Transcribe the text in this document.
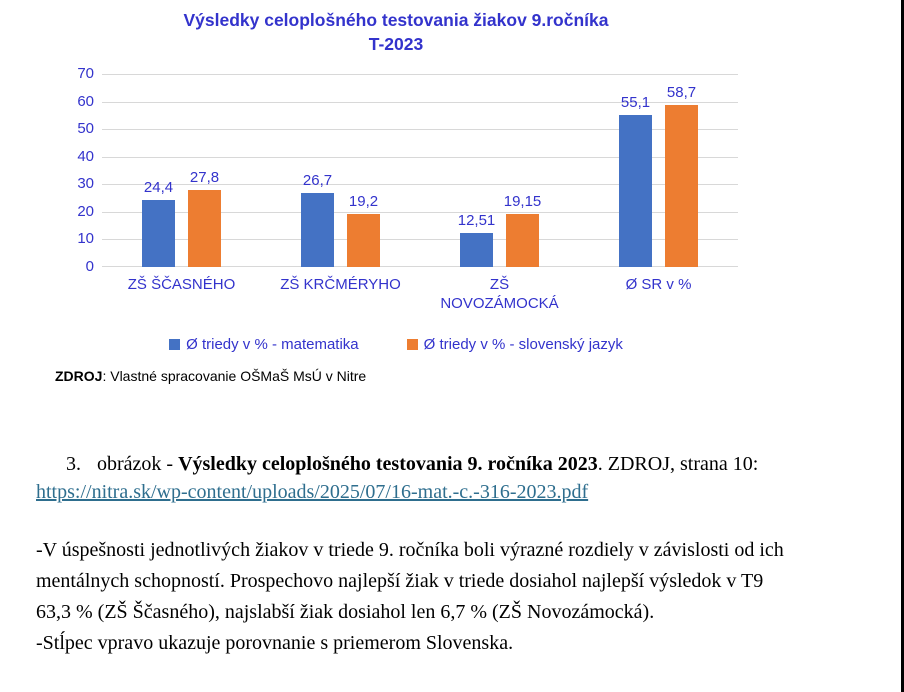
Výsledky celoplošného testovania žiakov 9.ročníka
T-2023
24,4
27,8
ZŠ ŠČASNÉHO
26,7
19,2
ZŠ KRČMÉRYHO
12,51
19,15
ZŠ NOVOZÁMOCKÁ
55,1
58,7
Ø SR v %
Ø triedy v % - matematika	Ø triedy v % - slovenský jazyk
0
10
20
30
40
50
60
70
ZDROJ: Vlastné spracovanie OŠMaŠ MsÚ v Nitre
3. obrázok - Výsledky celoplošného testovania 9. ročníka 2023. ZDROJ, strana 10:
https://nitra.sk/wp-content/uploads/2025/07/16-mat.-c.-316-2023.pdf
-V úspešnosti jednotlivých žiakov v triede 9. ročníka boli výrazné rozdiely v závislosti od ich
mentálnych schopností. Prospechovo najlepší žiak v triede dosiahol najlepší výsledok v T9
63,3 % (ZŠ Ščasného), najslabší žiak dosiahol len 6,7 % (ZŠ Novozámocká).
-Stĺpec vpravo ukazuje porovnanie s priemerom Slovenska.
